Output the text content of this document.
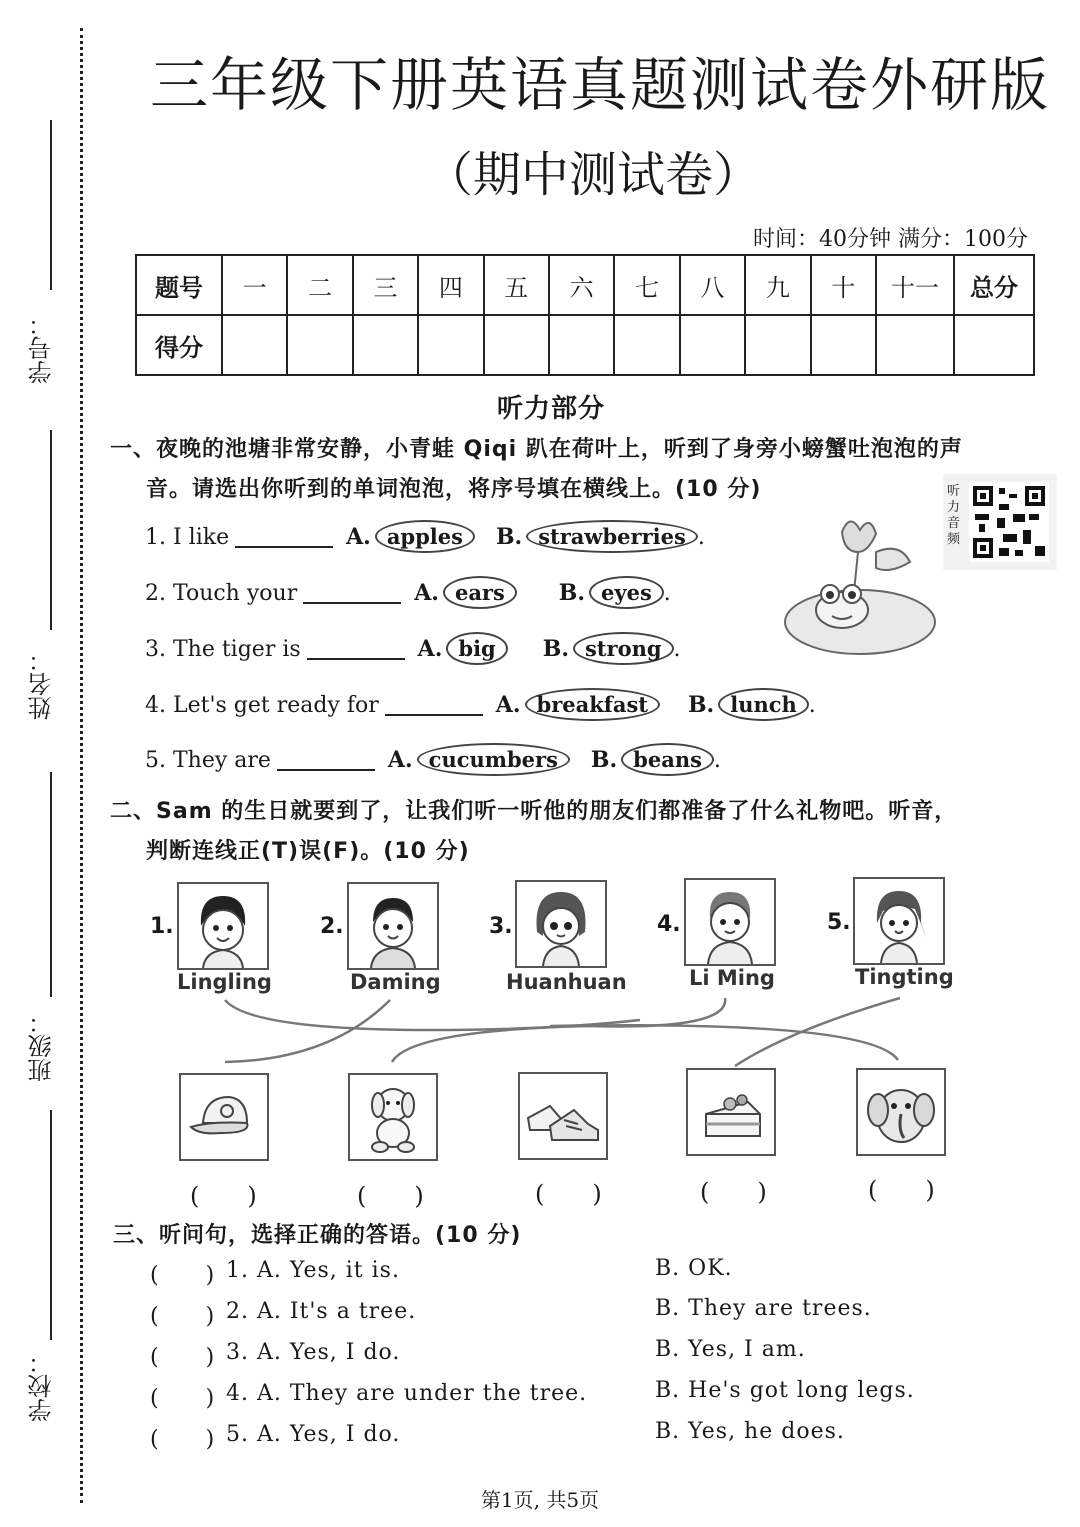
学号：
姓名：
班级：
学校：
三年级下册英语真题测试卷外研版
（期中测试卷）
时间：40分钟 满分：100分
题号	一	二	三	四	五	六	七	八	九	十	十一	总分
得分												
听力部分
一、夜晚的池塘非常安静，小青蛙 Qiqi 趴在荷叶上，听到了身旁小螃蟹吐泡泡的声
音。请选出你听到的单词泡泡，将序号填在横线上。(10 分)	听力音频
1. I like	A. apples B. strawberries .
2. Touch your	A. ears B. eyes .
3. The tiger is	A. big B. strong .
4. Let's get ready for	A. breakfast B. lunch .
5. They are	A. cucumbers B. beans .
二、Sam 的生日就要到了，让我们听一听他的朋友们都准备了什么礼物吧。听音，
判断连线正(T)误(F)。(10 分)
1.
Lingling
2.
Daming
3.
Huanhuan
4.
Li Ming
5.
Tingting
(　　)	(　　)	(　　)	(　　)	(　　)
三、听问句，选择正确的答语。(10 分)
(　　) 1. A. Yes, it is.	B. OK.
(　　) 2. A. It's a tree.	B. They are trees.
(　　) 3. A. Yes, I do.	B. Yes, I am.
(　　) 4. A. They are under the tree.	B. He's got long legs.
(　　) 5. A. Yes, I do.	B. Yes, he does.
第1页, 共5页
